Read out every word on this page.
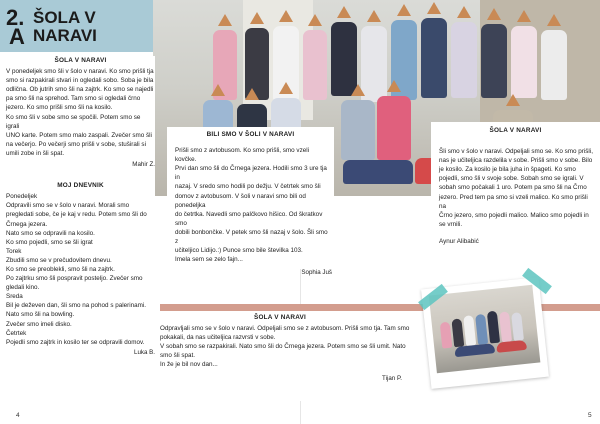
2.
A
ŠOLA V
NARAVI
ŠOLA V NARAVI

V ponedeljek smo šli v šolo v naravi. Ko smo prišli tja

smo si razpakirali stvari in ogledali sobo. Soba je bila

odlična. Ob jutrih smo šli na zajtrk. Ko smo se najedli

pa smo šli na sprehod. Tam smo si ogledali črno

jezero. Ko smo prišli smo šli na kosilo.

Ko smo šli v sobe smo se spočili. Potem smo se igrali

UNO karte. Potem smo malo zaspali. Zvečer smo šli

na večerjo. Po večerji smo prišli v sobe, stuširali si

umili zobe in šli spat.

Mahir Z.
MOJ DNEVNIK

Ponedeljek

Odpravili smo se v šolo v naravi. Morali smo

pregledati sobe, če je kaj v redu. Potem smo šli do

Črnega jezera.

Nato smo se odpravili na kosilo.

Ko smo pojedli, smo se šli igrat

Torek

Zbudili smo se v prečudovitem dnevu.

Ko smo se preoblekli, smo šli na zajtrk.

Po zajtrku smo šli pospravit posteljo. Zvečer smo

gledali kino.

Sreda

Bil je deževen dan, šli smo na pohod s palerinami.

Nato smo šli na bowling.

Zvečer smo imeli disko.

Četrtek

Pojedli smo zajtrk in kosilo ter se odpravili domov.

Luka B.
BILI SMO V ŠOLI V NARAVI

Prišli smo z avtobusom. Ko smo prišli, smo vzeli kovčke.

Prvi dan smo šli do Črnega jezera. Hodili smo 3 ure tja in

nazaj. V sredo smo hodili po dežju. V četrtek smo šli

domov z avtobusom. V šoli v naravi smo bili od ponedeljka

do četrtka. Navedli smo palčkovo hišico. Od škratkov smo

dobili bonbončke. V petek smo šli nazaj v šolo. Šli smo z

učiteljico Lidijo.:) Punce smo bile številka 103.

Imela sem se zelo fajn...

Sophia Juš
ŠOLA V NARAVI

Šli smo v šolo v naravi. Odpeljali smo se. Ko smo prišli,

nas je učiteljica razdelila v sobe. Prišli smo v sobe. Bilo

je kosilo. Za kosilo je bila juha in špageti. Ko smo

pojedli, smo šli v svoje sobe. Sobah smo se igrali. V

sobah smo počakali 1 uro. Potem pa smo šli na Črno

jezero. Pred tem pa smo si vzeli malico. Ko smo prišli na

Črno jezero, smo pojedli malico. Malico smo pojedli in

se vrnili.

Aynur Alibabić
ŠOLA V NARAVI

Odpravljali smo se v šolo v naravi. Odpeljali smo se z avtobusom. Prišli smo tja. Tam smo

pokakali, da nas učiteljica razvrsti v sobe.

V sobah smo se razpakirali. Nato smo šli do Črnega jezera. Potem smo se šli umit. Nato

smo šli spat.

In že je bil nov dan...

Tijan P.
4	5
